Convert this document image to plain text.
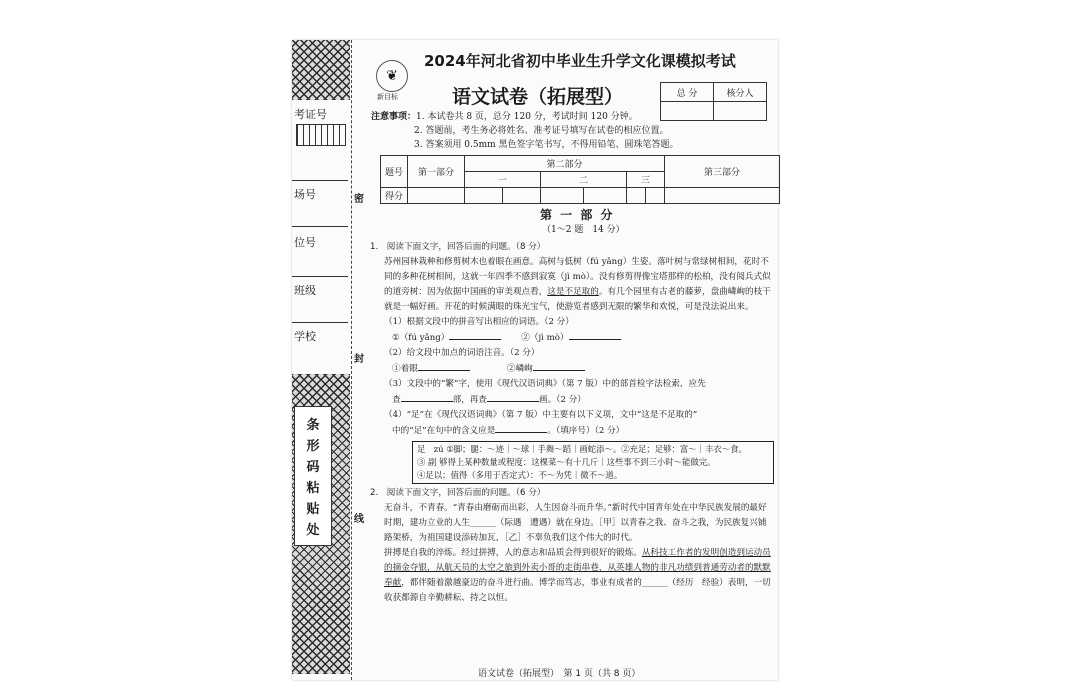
考证号
场号
位号
班级
学校
条
形
码
粘
贴
处
密
封
线
❦
新目标
2024年河北省初中毕业生升学文化课模拟考试
语文试卷（拓展型）	总 分	核分人

注意事项：1. 本试卷共 8 页，总分 120 分，考试时间 120 分钟。
2. 答题前，考生务必将姓名、准考证号填写在试卷的相应位置。
3. 答案须用 0.5mm 黑色签字笔书写，不得用铅笔、圆珠笔答题。
题号	第一部分	第二部分						第三部分
		一		二		三		
得分								
第 一 部 分
（1～2 题　14 分）

1.　阅读下面文字，回答后面的问题。（8 分）

苏州园林栽种和修剪树木也着眼在画意。高树与低树（fú yǎng）生姿。落叶树与常绿树相间，花时不同的多种花树相间，这就一年四季不感到寂寞（jì mò）。没有修剪得像宝塔那样的松柏，没有阅兵式似的道旁树：因为依据中国画的审美观点看，这是不足取的。有几个园里有古老的藤萝，盘曲嶙峋的枝干就是一幅好画。开花的时候满眼的珠光宝气，使游览者感到无限的繁华和欢悦，可是没法说出来。

（1）根据文段中的拼音写出相应的词语。（2 分）

①（fú yǎng） 　　	②（jì mò）

（2）给文段中加点的词语注音。（2 分）

①着眼 　　　　	②嶙峋

（3）文段中的“繁”字，使用《现代汉语词典》（第 7 版）中的部首检字法检索，应先

查	部，再查	画。（2 分）

（4）“足”在《现代汉语词典》（第 7 版）中主要有以下义项，文中“这是不足取的”

中的“足”在句中的含义应是	。（填序号）（2 分）

足　zú ①脚；腿：～迹｜～球｜手舞～蹈｜画蛇添～。②充足；足够：富～｜丰衣～食。
③ 副 够得上某种数量或程度：这棵菜～有十几斤｜这些事不到三小时～能做完。
④足以；值得（多用于否定式）：不～为凭｜微不～道。

2.　阅读下面文字，回答后面的问题。（6 分）

无奋斗，不青春。“青春由磨砺而出彩，人生因奋斗而升华。”新时代中国青年处在中华民族发展的最好时期，建功立业的人生______（际遇　遭遇）就在身边。［甲］以青春之我、奋斗之我，为民族复兴铺路架桥，为祖国建设添砖加瓦，［乙］不辜负我们这个伟大的时代。

拼搏是自我的淬炼。经过拼搏，人的意志和品质会得到很好的锻炼。从科技工作者的发明创造到运动员的摘金夺银，从航天员的太空之旅到外卖小哥的走街串巷，从英雄人物的非凡功绩到普通劳动者的默默奉献，都伴随着激越豪迈的奋斗进行曲。博学而笃志，事业有成者的______（经历　经验）表明，一切收获都源自辛勤耕耘、持之以恒。

语文试卷（拓展型）　第 1 页（共 8 页）
